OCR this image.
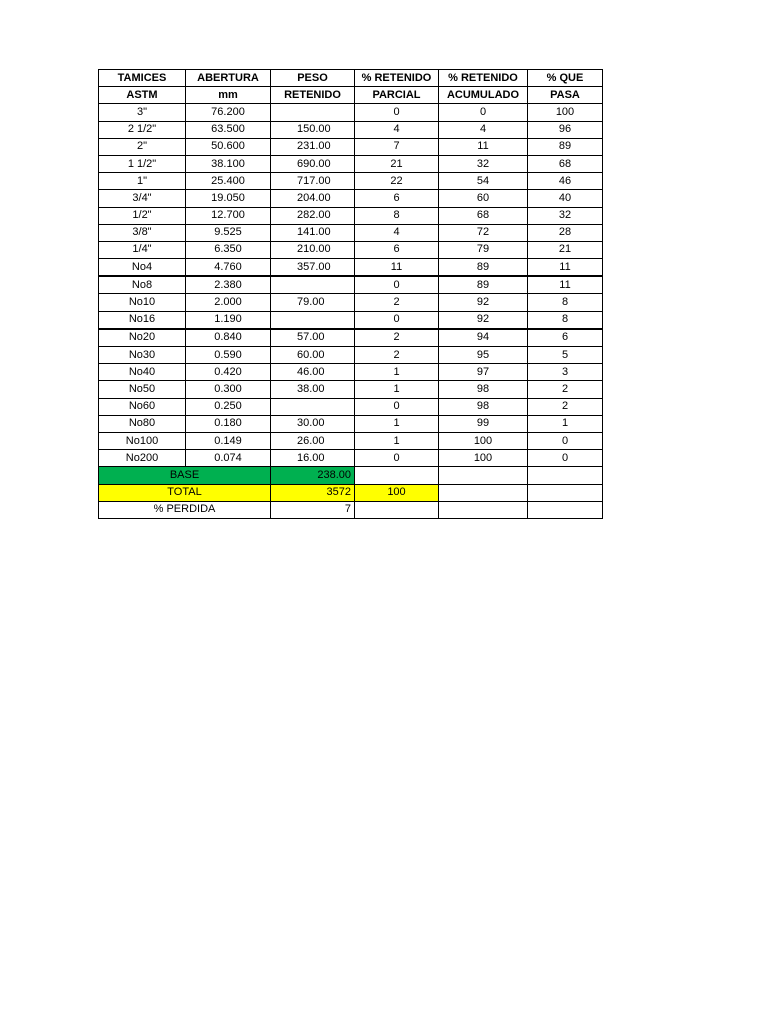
TAMICES	ABERTURA	PESO	% RETENIDO	% RETENIDO	% QUE
ASTM	mm	RETENIDO	PARCIAL	ACUMULADO	PASA
3"	76.200		0	0	100
2 1/2"	63.500	150.00	4	4	96
2"	50.600	231.00	7	11	89
1 1/2"	38.100	690.00	21	32	68
1"	25.400	717.00	22	54	46
3/4"	19.050	204.00	6	60	40
1/2"	12.700	282.00	8	68	32
3/8"	9.525	141.00	4	72	28
1/4"	6.350	210.00	6	79	21
No4	4.760	357.00	11	89	11
No8	2.380		0	89	11
No10	2.000	79.00	2	92	8
No16	1.190		0	92	8
No20	0.840	57.00	2	94	6
No30	0.590	60.00	2	95	5
No40	0.420	46.00	1	97	3
No50	0.300	38.00	1	98	2
No60	0.250		0	98	2
No80	0.180	30.00	1	99	1
No100	0.149	26.00	1	100	0
No200	0.074	16.00	0	100	0
BASE		238.00			
TOTAL		3572	100		
% PERDIDA		7			
